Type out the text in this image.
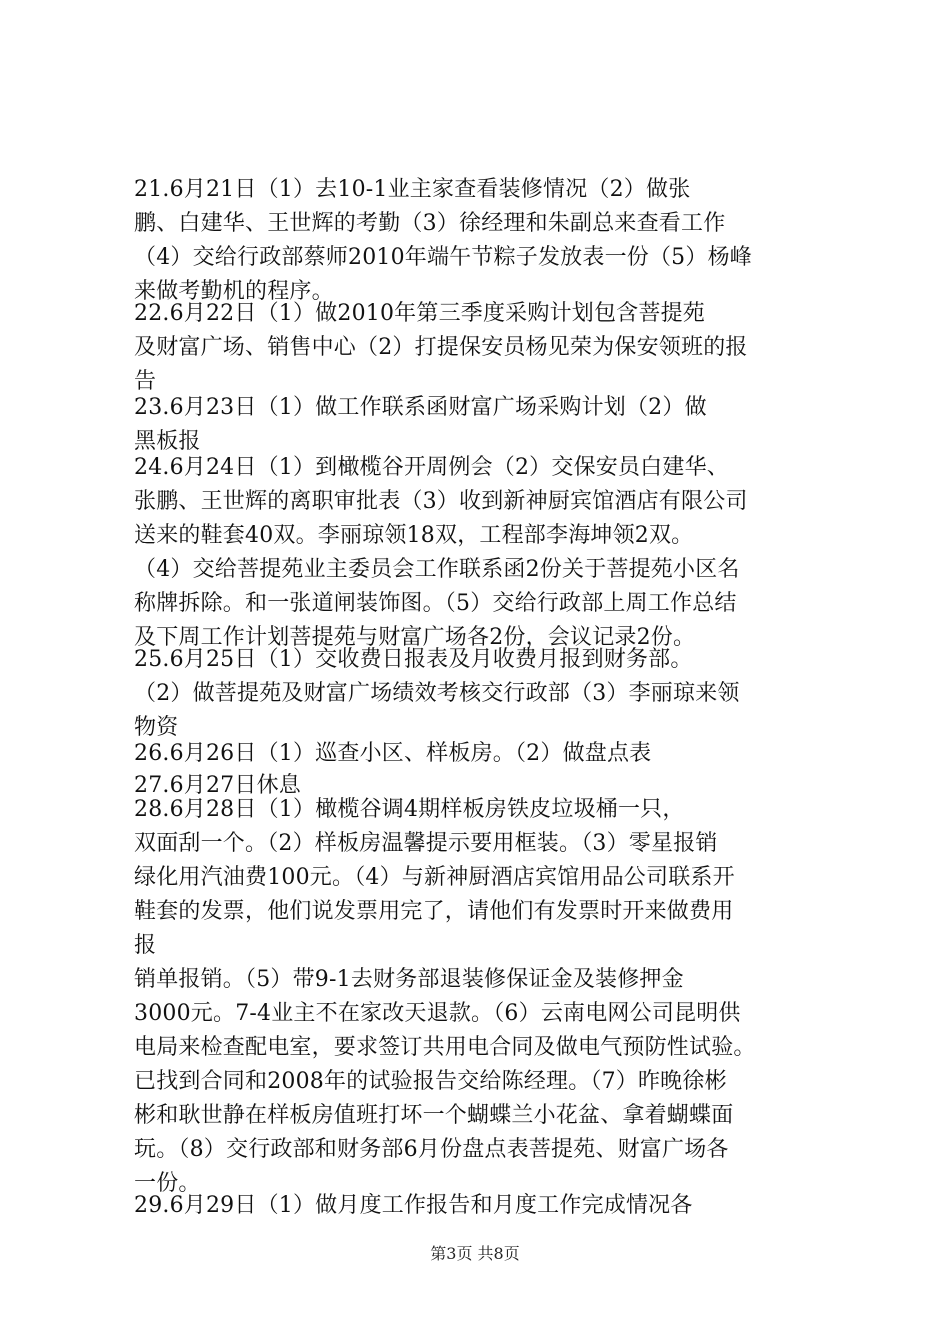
21.6月21日（1）去10-1业主家查看装修情况（2）做张
鹏、白建华、王世辉的考勤（3）徐经理和朱副总来查看工作
（4）交给行政部蔡师2010年端午节粽子发放表一份（5）杨峰
来做考勤机的程序。
22.6月22日（1）做2010年第三季度采购计划包含菩提苑
及财富广场、销售中心（2）打提保安员杨见荣为保安领班的报
告
23.6月23日（1）做工作联系函财富广场采购计划（2）做
黑板报
24.6月24日（1）到橄榄谷开周例会（2）交保安员白建华、
张鹏、王世辉的离职审批表（3）收到新神厨宾馆酒店有限公司
送来的鞋套40双。李丽琼领18双，工程部李海坤领2双。
（4）交给菩提苑业主委员会工作联系函2份关于菩提苑小区名
称牌拆除。和一张道闸装饰图。（5）交给行政部上周工作总结
及下周工作计划菩提苑与财富广场各2份，会议记录2份。
25.6月25日（1）交收费日报表及月收费月报到财务部。
（2）做菩提苑及财富广场绩效考核交行政部（3）李丽琼来领
物资
26.6月26日（1）巡查小区、样板房。（2）做盘点表
27.6月27日休息
28.6月28日（1）橄榄谷调4期样板房铁皮垃圾桶一只，
双面刮一个。（2）样板房温馨提示要用框装。（3）零星报销
绿化用汽油费100元。（4）与新神厨酒店宾馆用品公司联系开
鞋套的发票，他们说发票用完了，请他们有发票时开来做费用
报
销单报销。（5）带9-1去财务部退装修保证金及装修押金
3000元。7-4业主不在家改天退款。（6）云南电网公司昆明供
电局来检查配电室，要求签订共用电合同及做电气预防性试验。
已找到合同和2008年的试验报告交给陈经理。（7）昨晚徐彬
彬和耿世静在样板房值班打坏一个蝴蝶兰小花盆、拿着蝴蝶面
玩。（8）交行政部和财务部6月份盘点表菩提苑、财富广场各
一份。
29.6月29日（1）做月度工作报告和月度工作完成情况各
第3页 共8页
